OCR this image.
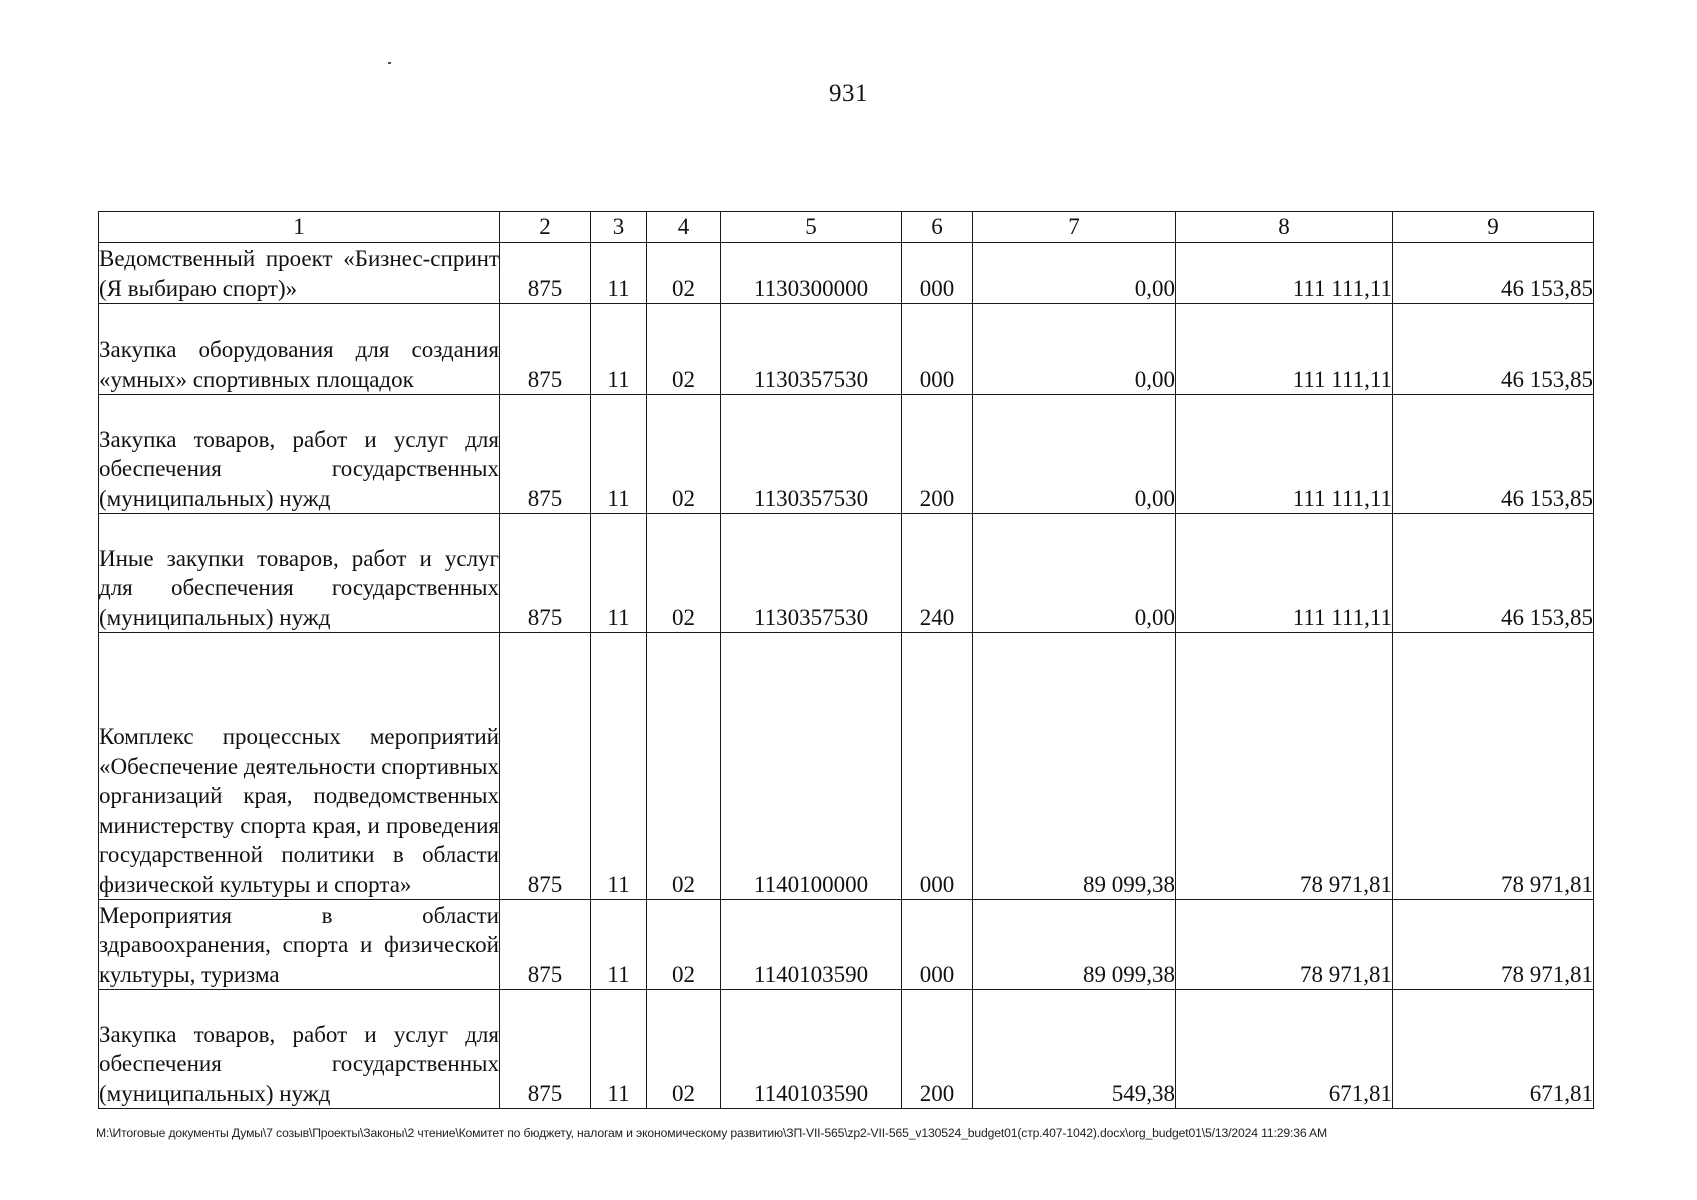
931
1	2	3	4	5	6	7	8	9
Ведомственный проект «Бизнес-спринт (Я выбираю спорт)»	875	11	02	1130300000	000	0,00	111 111,11	46 153,85
Закупка оборудования для создания «умных» спортивных площадок	875	11	02	1130357530	000	0,00	111 111,11	46 153,85
Закупка товаров, работ и услуг для обеспечения государственных (муниципальных) нужд	875	11	02	1130357530	200	0,00	111 111,11	46 153,85
Иные закупки товаров, работ и услуг для обеспечения государственных (муниципальных) нужд	875	11	02	1130357530	240	0,00	111 111,11	46 153,85
Комплекс процессных мероприятий «Обеспечение деятельности спортивных организаций края, подведомственных министерству спорта края, и проведения государственной политики в области физической культуры и спорта»	875	11	02	1140100000	000	89 099,38	78 971,81	78 971,81
Мероприятия в области здравоохранения, спорта и физической культуры, туризма	875	11	02	1140103590	000	89 099,38	78 971,81	78 971,81
Закупка товаров, работ и услуг для обеспечения государственных (муниципальных) нужд	875	11	02	1140103590	200	549,38	671,81	671,81
M:\Итоговые документы Думы\7 созыв\Проекты\Законы\2 чтение\Комитет по бюджету, налогам и экономическому развитию\ЗП-VII-565\zp2-VII-565_v130524_budget01(стр.407-1042).docx\org_budget01\5/13/2024 11:29:36 AM
